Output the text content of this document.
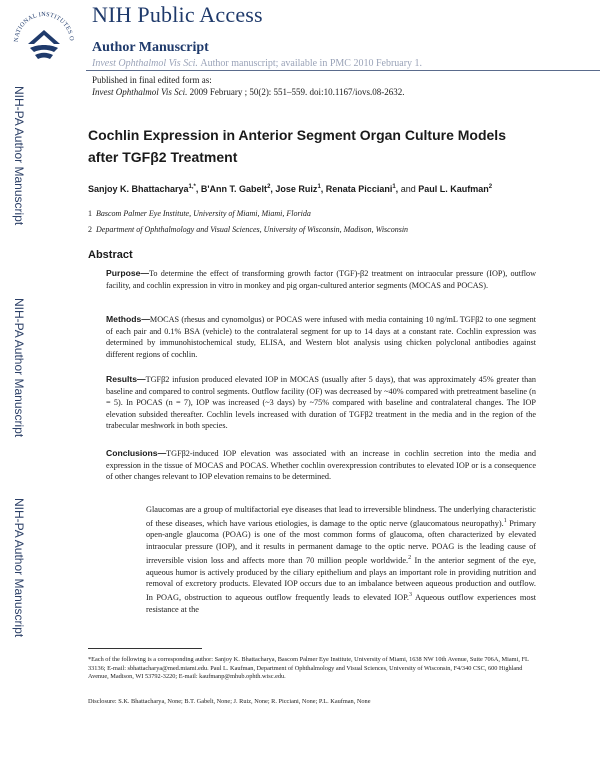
NATIONAL INSTITUTES O
NIH Public Access
Author Manuscript
Invest Ophthalmol Vis Sci. Author manuscript; available in PMC 2010 February 1.
Published in final edited form as:
Invest Ophthalmol Vis Sci. 2009 February ; 50(2): 551–559. doi:10.1167/iovs.08-2632.
NIH-PA Author Manuscript
NIH-PA Author Manuscript
NIH-PA Author Manuscript
Cochlin Expression in Anterior Segment Organ Culture Models after TGFβ2 Treatment
Sanjoy K. Bhattacharya$^{1,*}$, B'Ann T. Gabelt$^2$, Jose Ruiz$^1$, Renata Picciani$^1$, and Paul L. Kaufman$^2$
1 Bascom Palmer Eye Institute, University of Miami, Miami, Florida
2 Department of Ophthalmology and Visual Sciences, University of Wisconsin, Madison, Wisconsin
Abstract
Purpose—To determine the effect of transforming growth factor (TGF)-β2 treatment on intraocular pressure (IOP), outflow facility, and cochlin expression in vitro in monkey and pig organ-cultured anterior segments (MOCAS and POCAS).
Methods—MOCAS (rhesus and cynomolgus) or POCAS were infused with media containing 10 ng/mL TGFβ2 to one segment of each pair and 0.1% BSA (vehicle) to the contralateral segment for up to 14 days at a constant rate. Cochlin expression was determined by immunohistochemical study, ELISA, and Western blot analysis using chicken polyclonal antibodies against different regions of cochlin.
Results—TGFβ2 infusion produced elevated IOP in MOCAS (usually after 5 days), that was approximately 45% greater than baseline and compared to control segments. Outflow facility (OF) was decreased by ~40% compared with pretreatment baseline (n = 5). In POCAS (n = 7), IOP was increased (~3 days) by ~75% compared with baseline and contralateral changes. The IOP elevation subsided thereafter. Cochlin levels increased with duration of TGFβ2 treatment in the media and in the region of the trabecular meshwork in both species.
Conclusions—TGFβ2-induced IOP elevation was associated with an increase in cochlin secretion into the media and expression in the tissue of MOCAS and POCAS. Whether cochlin overexpression contributes to elevated IOP or is a consequence of other changes relevant to IOP elevation remains to be determined.
Glaucomas are a group of multifactorial eye diseases that lead to irreversible blindness. The underlying characteristic of these diseases, which have various etiologies, is damage to the optic nerve (glaucomatous neuropathy).$^1$ Primary open-angle glaucoma (POAG) is one of the most common forms of glaucoma, often characterized by elevated intraocular pressure (IOP), and it results in permanent damage to the optic nerve. POAG is the leading cause of irreversible vision loss and affects more than 70 million people worldwide.$^2$ In the anterior segment of the eye, aqueous humor is actively produced by the ciliary epithelium and plays an important role in providing nutrition and removal of excretory products. Elevated IOP occurs due to an imbalance between aqueous production and outflow. In POAG, obstruction to aqueous outflow frequently leads to elevated IOP.$^3$ Aqueous outflow experiences most resistance at the
*Each of the following is a corresponding author: Sanjoy K. Bhattacharya, Bascom Palmer Eye Institute, University of Miami, 1638 NW 10th Avenue, Suite 706A, Miami, FL 33136; E-mail: sbhattacharya@med.miami.edu. Paul L. Kaufman, Department of Ophthalmology and Visual Sciences, University of Wisconsin, F4/340 CSC, 600 Highland Avenue, Madison, WI 53792-3220; E-mail: kaufmanp@mhub.ophth.wisc.edu.
Disclosure: S.K. Bhattacharya, None; B.T. Gabelt, None; J. Ruiz, None; R. Picciani, None; P.L. Kaufman, None
